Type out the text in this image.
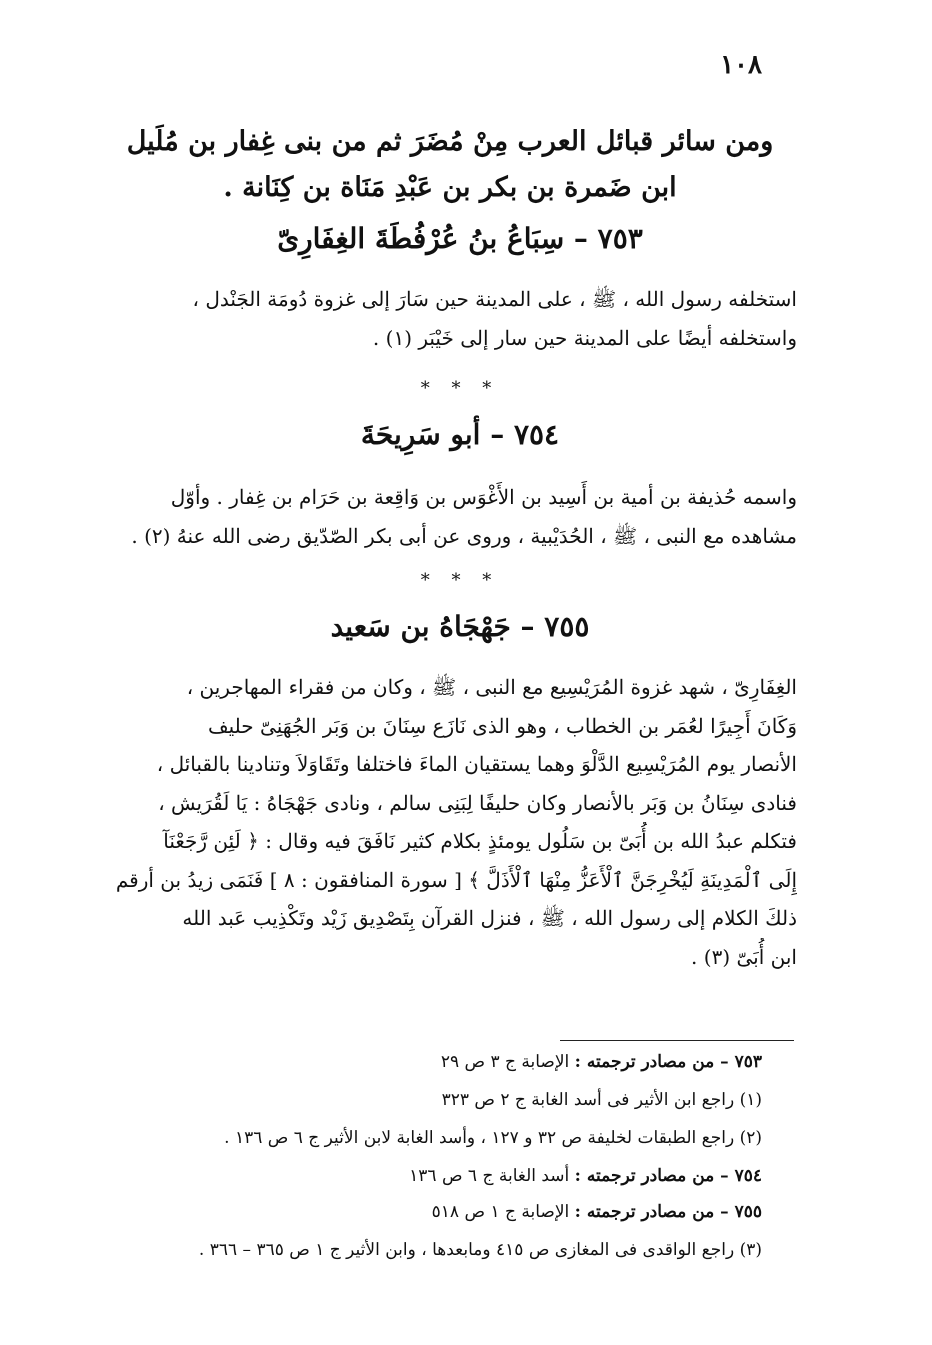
١٠٨
ومن سائر قبائل العرب مِنْ مُضَرَ ثم من بنى غِفار بن مُلَيل
ابن ضَمرة بن بكر بن عَبْدِ مَنَاة بن كِنَانة .
٧٥٣ – سِبَاعُ بنُ عُرْفُطَةَ الغِفَارِىّ
استخلفه رسول الله ، ﷺ ، على المدينة حين سَارَ إلى غزوة دُومَة الجَنْدل ،
واستخلفه أيضًا على المدينة حين سار إلى خَيْبَر (١) .
* * *
٧٥٤ – أبو سَرِيحَةَ
واسمه حُذيفة بن أمية بن أَسِيد بن الأَغْوَس بن وَاقِعة بن حَرَام بن غِفار . وأوّل
مشاهده مع النبى ، ﷺ ، الحُدَيْبية ، وروى عن أبى بكر الصّدّيق رضى الله عنهُ (٢) .
* * *
٧٥٥ – جَهْجَاهُ بن سَعيد
الغِفَارِىّ ، شهد غزوة المُرَيْسِيع مع النبى ، ﷺ ، وكان من فقراء المهاجرين ،
وَكَانَ أَجِيرًا لعُمَر بن الخطاب ، وهو الذى نَازَع سِنَانَ بن وَبَر الجُهَنِىّ حليف
الأنصار يوم المُرَيْسِيع الدَّلْوَ وهما يستقيان الماءَ فاختلفا وتَقَاوَلاَ وتنادينا بالقبائل ،
فنادى سِنَانُ بن وَبَر بالأنصار وكان حليفًا لِبَنِى سالم ، ونادى جَهْجَاهُ : يَا لَقُرَيش ،
فتكلم عبدُ الله بن أُبَىّ بن سَلُول يومئذٍ بكلام كثير نَافَقَ فيه وقال : ﴿ لَئِن رَّجَعْنَآ
إِلَى ٱلْمَدِينَةِ لَيُخْرِجَنَّ ٱلْأَعَزُّ مِنْهَا ٱلْأَذَلَّ ﴾ [ سورة المنافقون : ٨ ] فَنَمَى زيدُ بن أرقم
ذلكَ الكلام إلى رسول الله ، ﷺ ، فنزل القرآن بِتَصْدِيق زَيْد وتَكْذِيب عَبد الله
ابن أُبَىّ (٣) .
٧٥٣ – من مصادر ترجمته : الإصابة ج ٣ ص ٢٩
(١) راجع ابن الأثير فى أسد الغابة ج ٢ ص ٣٢٣
(٢) راجع الطبقات لخليفة ص ٣٢ و ١٢٧ ، وأسد الغابة لابن الأثير ج ٦ ص ١٣٦ .
٧٥٤ – من مصادر ترجمته : أسد الغابة ج ٦ ص ١٣٦
٧٥٥ – من مصادر ترجمته : الإصابة ج ١ ص ٥١٨
(٣) راجع الواقدى فى المغازى ص ٤١٥ ومابعدها ، وابن الأثير ج ١ ص ٣٦٥ – ٣٦٦ .
